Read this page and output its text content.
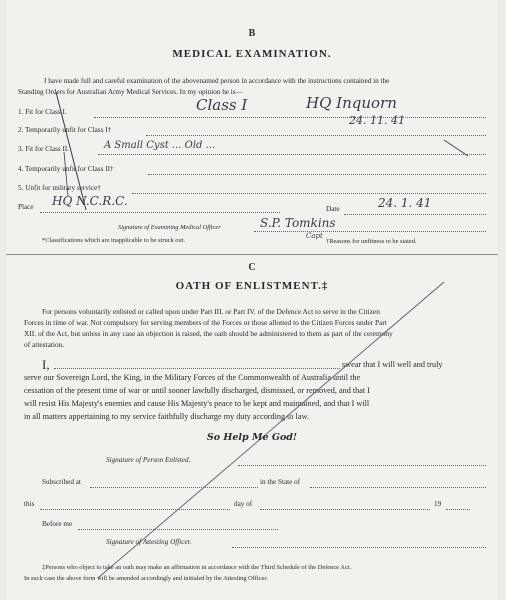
B
MEDICAL EXAMINATION.
I have made full and careful examination of the abovenamed person in accordance with the instructions contained in the
Standing Orders for Australian Army Medical Services. In my opinion he is—
1. Fit for Class I.	Class I	HQ Inquorn
2. Temporarily unfit for Class I†
24. 11. 41
3. Fit for Class II.	A Small Cyst ... Old ...
4. Temporarily unfit for Class II†
5. Unfit for military service†
Place HQ N.C.R.C.
Date	24. 1. 41
Signature of Examining Medical Officer	S.P. Tomkins
Capt
*Classifications which are inapplicable to be struck out.	†Reasons for unfitness to be stated.
C
OATH OF ENLISTMENT.‡
For persons voluntarily enlisted or called upon under Part III. or Part IV. of the Defence Act to serve in the Citizen
Forces in time of war. Not compulsory for serving members of the Forces or those allotted to the Citizen Forces under Part
XII. of the Act, but unless in any case an objection is raised, the oath should be administered to them as part of the ceremony
of attestation.
I,	swear that I will well and truly
serve our Sovereign Lord, the King, in the Military Forces of the Commonwealth of Australia until the
cessation of the present time of war or until sooner lawfully discharged, dismissed, or removed, and that I
will resist His Majesty's enemies and cause His Majesty's peace to be kept and maintained, and that I will
in all matters appertaining to my service faithfully discharge my duty according to law.
So Help Me God!
Signature of Person Enlisted.
Subscribed at	in the State of
this	day of	19
Before me
Signature of Attesting Officer.
‡Persons who object to take an oath may make an affirmation in accordance with the Third Schedule of the Defence Act.
In such case the above form will be amended accordingly and initialed by the Attesting Officer.
